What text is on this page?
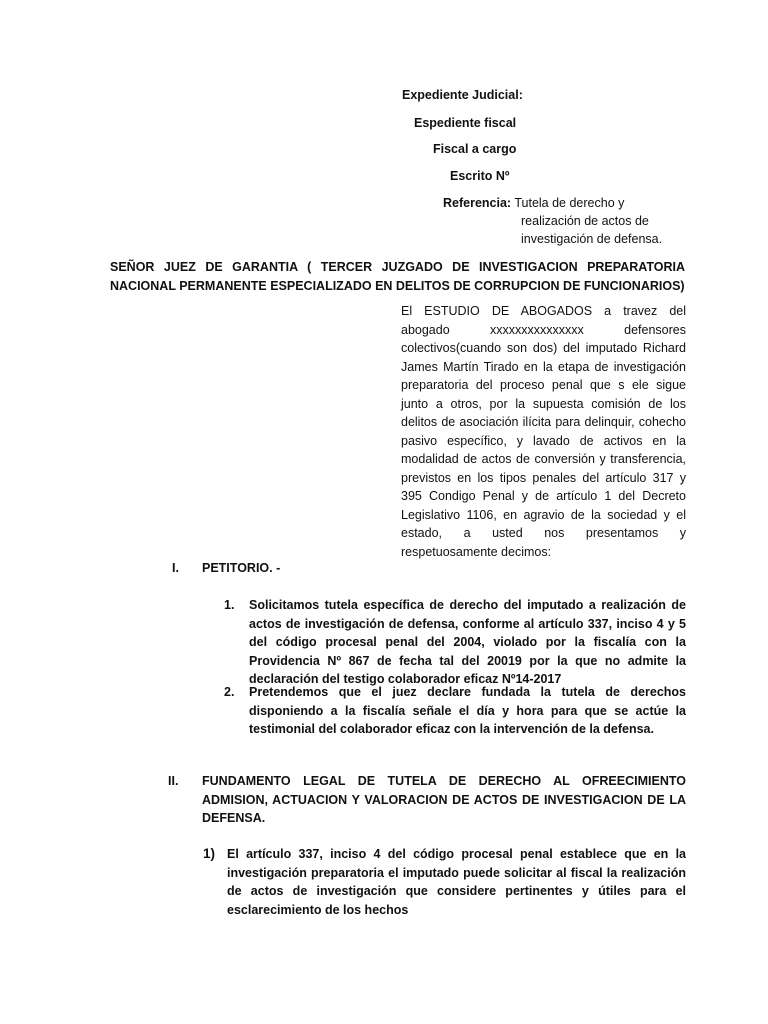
Expediente Judicial:
Espediente fiscal
Fiscal a cargo
Escrito Nº
Referencia: Tutela de derecho y
realización de actos de
investigación de defensa.
SEÑOR JUEZ DE GARANTIA ( TERCER JUZGADO DE INVESTIGACION PREPARATORIA NACIONAL PERMANENTE ESPECIALIZADO EN DELITOS DE CORRUPCION DE FUNCIONARIOS)
El ESTUDIO DE ABOGADOS a travez del abogado xxxxxxxxxxxxxxx defensores colectivos(cuando son dos) del imputado Richard James Martín Tirado en la etapa de investigación preparatoria del proceso penal que s ele sigue junto a otros, por la supuesta comisión de los delitos de asociación ilícita para delinquir, cohecho pasivo específico, y lavado de activos en la modalidad de actos de conversión y transferencia, previstos en los tipos penales del artículo 317 y 395 Condigo Penal y de artículo 1 del Decreto Legislativo 1106, en agravio de la sociedad y el estado, a usted nos presentamos y respetuosamente decimos:
I. PETITORIO. -
1. Solicitamos tutela específica de derecho del imputado a realización de actos de investigación de defensa, conforme al artículo 337, inciso 4 y 5 del código procesal penal del 2004, violado por la fiscalía con la Providencia Nº 867 de fecha tal del 20019 por la que no admite la declaración del testigo colaborador eficaz Nº14-2017
2. Pretendemos que el juez declare fundada la tutela de derechos disponiendo a la fiscalía señale el día y hora para que se actúe la testimonial del colaborador eficaz con la intervención de la defensa.
II. FUNDAMENTO LEGAL DE TUTELA DE DERECHO AL OFREECIMIENTO ADMISION, ACTUACION Y VALORACION DE ACTOS DE INVESTIGACION DE LA DEFENSA.
1) El artículo 337, inciso 4 del código procesal penal establece que en la investigación preparatoria el imputado puede solicitar al fiscal la realización de actos de investigación que considere pertinentes y útiles para el esclarecimiento de los hechos
